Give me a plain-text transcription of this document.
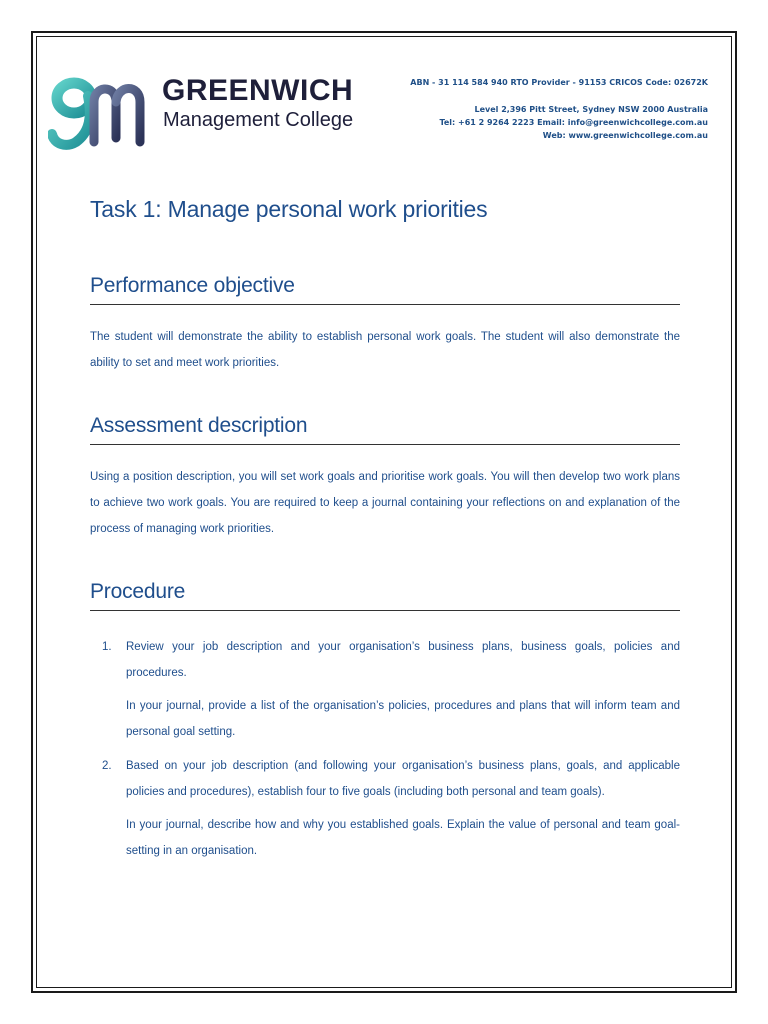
GREENWICH
Management College
ABN - 31 114 584 940 RTO Provider - 91153 CRICOS Code: 02672K
Level 2,396 Pitt Street, Sydney NSW 2000 Australia
Tel: +61 2 9264 2223 Email: info@greenwichcollege.com.au
Web: www.greenwichcollege.com.au
Task 1: Manage personal work priorities
Performance objective

The student will demonstrate the ability to establish personal work goals. The student will also demonstrate the ability to set and meet work priorities.

Assessment description

Using a position description, you will set work goals and prioritise work goals. You will then develop two work plans to achieve two work goals. You are required to keep a journal containing your reflections on and explanation of the process of managing work priorities.

Procedure
1. Review your job description and your organisation’s business plans, business goals, policies and procedures.

In your journal, provide a list of the organisation’s policies, procedures and plans that will inform team and personal goal setting.

2. Based on your job description (and following your organisation’s business plans, goals, and applicable policies and procedures), establish four to five goals (including both personal and team goals).

In your journal, describe how and why you established goals. Explain the value of personal and team goal-setting in an organisation.
